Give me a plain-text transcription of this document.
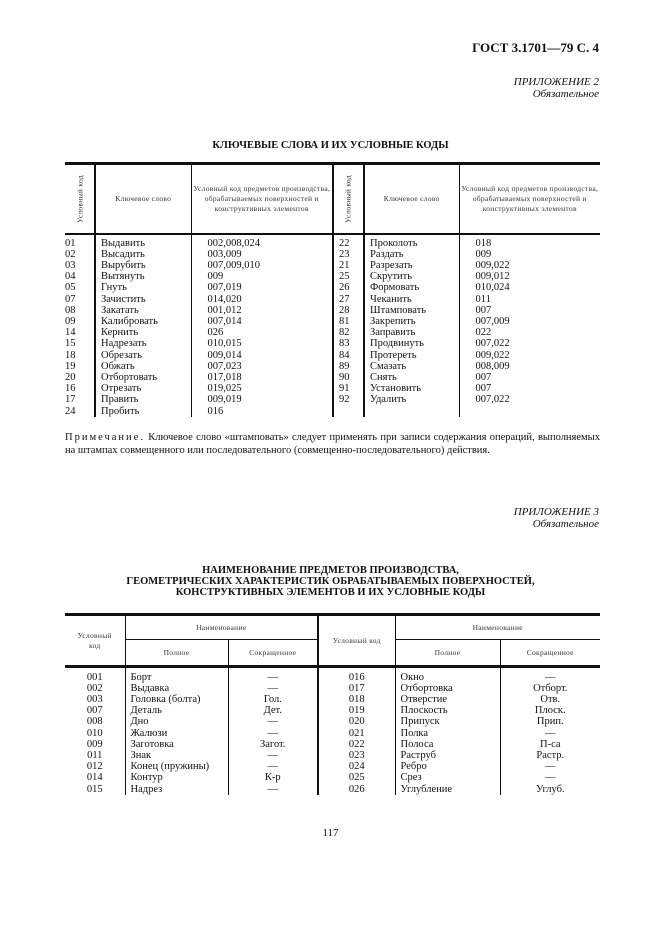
ГОСТ 3.1701—79 С. 4
ПРИЛОЖЕНИЕ 2
Обязательное
КЛЮЧЕВЫЕ СЛОВА И ИХ УСЛОВНЫЕ КОДЫ
Условный код	Ключевое слово	Условный код предметов производства, обрабатываемых поверхностей и конструктивных элементов	Условный код	Ключевое слово	Условный код предметов производства, обрабатываемых поверхностей и конструктивных элементов

01	Выдавить	002,008,024	22	Проколоть	018
02	Высадить	003,009	23	Раздать	009
03	Вырубить	007,009,010	21	Разрезать	009,022
04	Вытянуть	009	25	Скрутить	009,012
05	Гнуть	007,019	26	Формовать	010,024
07	Зачистить	014,020	27	Чеканить	011
08	Закатать	001,012	28	Штамповать	007
09	Калибровать	007,014	81	Закрепить	007,009
14	Кернить	026	82	Заправить	022
15	Надрезать	010,015	83	Продвинуть	007,022
18	Обрезать	009,014	84	Протереть	009,022
19	Обжать	007,023	89	Смазать	008,009
20	Отбортовать	017,018	90	Снять	007
16	Отрезать	019,025	91	Установить	007
17	Править	009,019	92	Удалить	007,022
24	Пробить	016			
Примечание. Ключевое слово «штамповать» следует применять при записи содержания операций, выполняемых на штампах совмещенного или последовательного (совмещенно-последовательного) действия.
ПРИЛОЖЕНИЕ 3
Обязательное
НАИМЕНОВАНИЕ ПРЕДМЕТОВ ПРОИЗВОДСТВА,
ГЕОМЕТРИЧЕСКИХ ХАРАКТЕРИСТИК ОБРАБАТЫВАЕМЫХ ПОВЕРХНОСТЕЙ,
КОНСТРУКТИВНЫХ ЭЛЕМЕНТОВ И ИХ УСЛОВНЫЕ КОДЫ
Условный код	Наименование		Условный код	Наименование	
	Полное	Сокращенное		Полное	Сокращенное

001	Борт	—	016	Окно	—
002	Выдавка	—	017	Отбортовка	Отборт.
003	Головка (болта)	Гол.	018	Отверстие	Отв.
007	Деталь	Дет.	019	Плоскость	Плоск.
008	Дно	—	020	Припуск	Прип.
010	Жалюзи	—	021	Полка	—
009	Заготовка	Загот.	022	Полоса	П-са
011	Знак	—	023	Раструб	Растр.
012	Конец (пружины)	—	024	Ребро	—
014	Контур	К-р	025	Срез	—
015	Надрез	—	026	Углубление	Углуб.
117
